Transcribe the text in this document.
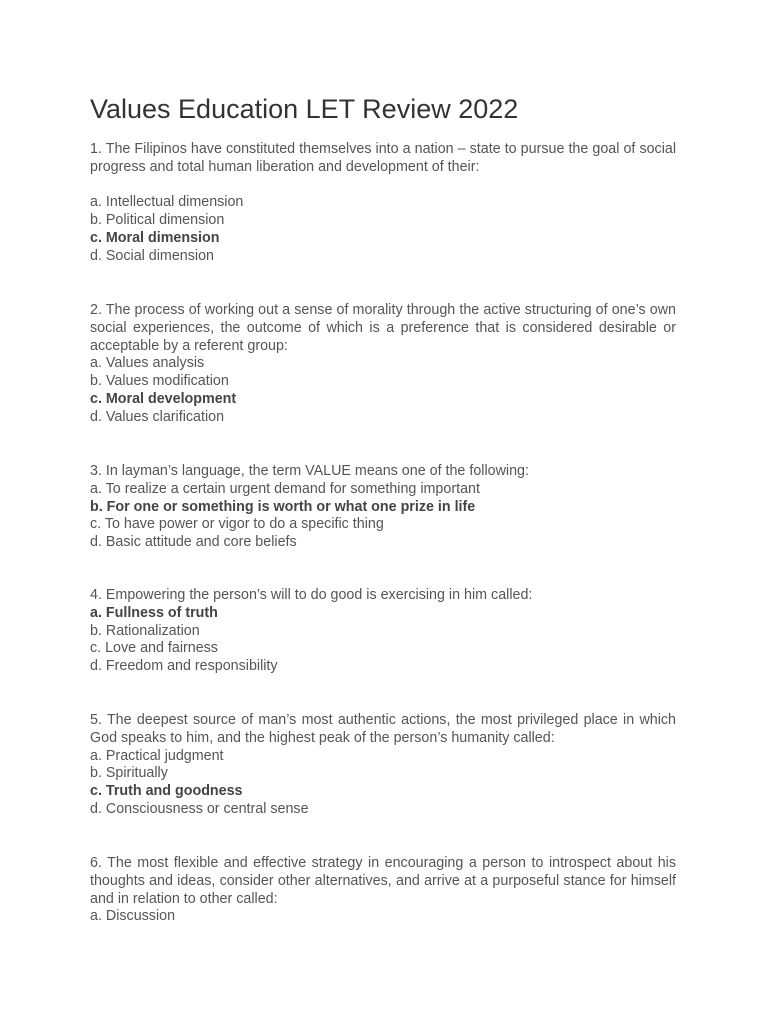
Values Education LET Review 2022

1. The Filipinos have constituted themselves into a nation – state to pursue the goal of social progress and total human liberation and development of their:

a. Intellectual dimension
b. Political dimension
c. Moral dimension
d. Social dimension

2. The process of working out a sense of morality through the active structuring of one’s own social experiences, the outcome of which is a preference that is considered desirable or acceptable by a referent group:

a. Values analysis
b. Values modification
c. Moral development
d. Values clarification

3. In layman’s language, the term VALUE means one of the following:

a. To realize a certain urgent demand for something important
b. For one or something is worth or what one prize in life
c. To have power or vigor to do a specific thing
d. Basic attitude and core beliefs

4. Empowering the person’s will to do good is exercising in him called:

a. Fullness of truth
b. Rationalization
c. Love and fairness
d. Freedom and responsibility

5. The deepest source of man’s most authentic actions, the most privileged place in which God speaks to him, and the highest peak of the person’s humanity called:

a. Practical judgment
b. Spiritually
c. Truth and goodness
d. Consciousness or central sense

6. The most flexible and effective strategy in encouraging a person to introspect about his thoughts and ideas, consider other alternatives, and arrive at a purposeful stance for himself and in relation to other called:

a. Discussion
